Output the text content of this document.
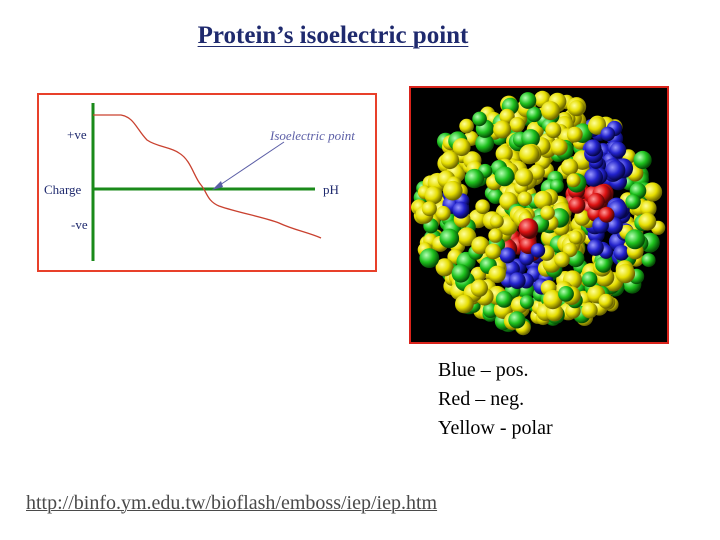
Protein’s isoelectric point
+ve
Charge
-ve
pH
Isoelectric point
Blue – pos.
Red – neg.
Yellow - polar
http://binfo.ym.edu.tw/bioflash/emboss/iep/iep.htm
